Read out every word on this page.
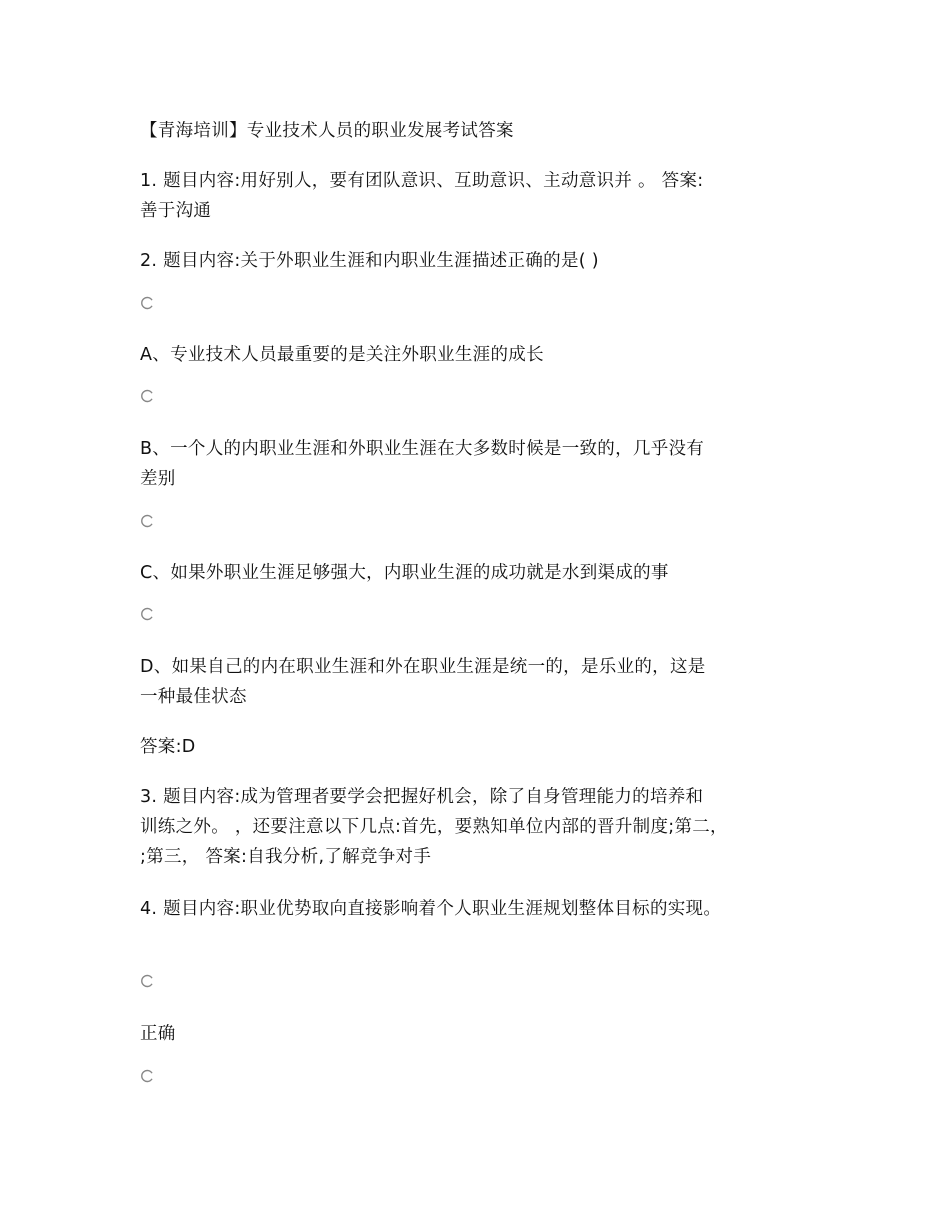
【青海培训】专业技术人员的职业发展考试答案
1. 题目内容:用好别人，要有团队意识、互助意识、主动意识并 。 答案:
善于沟通
2. 题目内容:关于外职业生涯和内职业生涯描述正确的是( )
A、专业技术人员最重要的是关注外职业生涯的成长
B、一个人的内职业生涯和外职业生涯在大多数时候是一致的，几乎没有
差别
C、如果外职业生涯足够强大，内职业生涯的成功就是水到渠成的事
D、如果自己的内在职业生涯和外在职业生涯是统一的，是乐业的，这是
一种最佳状态
答案:D
3. 题目内容:成为管理者要学会把握好机会，除了自身管理能力的培养和
训练之外。 ，还要注意以下几点:首先，要熟知单位内部的晋升制度;第二，
;第三， 答案:自我分析,了解竞争对手
4. 题目内容:职业优势取向直接影响着个人职业生涯规划整体目标的实现。
正确
